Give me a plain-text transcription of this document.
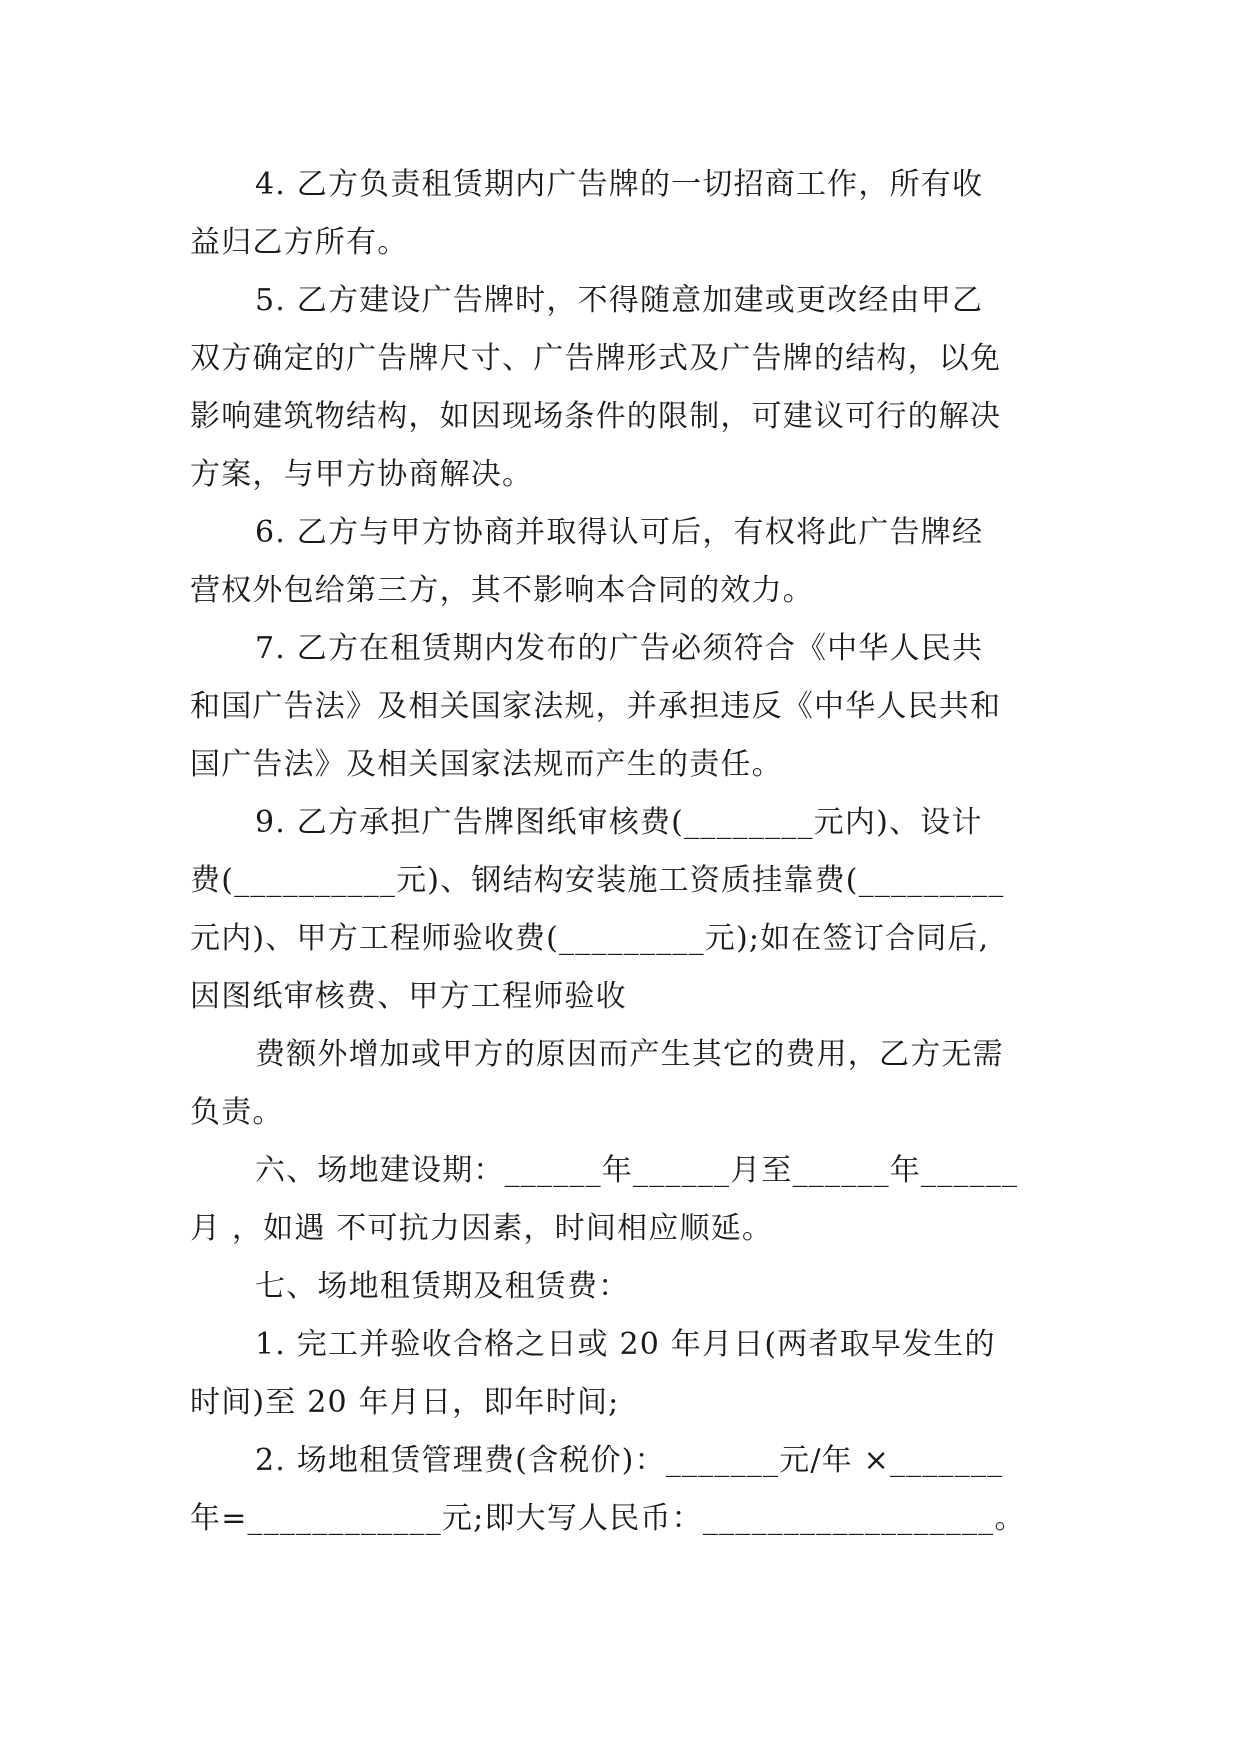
4. 乙方负责租赁期内广告牌的一切招商工作，所有收
益归乙方所有。
5. 乙方建设广告牌时，不得随意加建或更改经由甲乙
双方确定的广告牌尺寸、广告牌形式及广告牌的结构，以免
影响建筑物结构，如因现场条件的限制，可建议可行的解决
方案，与甲方协商解决。
6. 乙方与甲方协商并取得认可后，有权将此广告牌经
营权外包给第三方，其不影响本合同的效力。
7. 乙方在租赁期内发布的广告必须符合《中华人民共
和国广告法》及相关国家法规，并承担违反《中华人民共和
国广告法》及相关国家法规而产生的责任。
9. 乙方承担广告牌图纸审核费(________元内)、设计
费(__________元)、钢结构安装施工资质挂靠费(_________
元内)、甲方工程师验收费(_________元);如在签订合同后,
因图纸审核费、甲方工程师验收
费额外增加或甲方的原因而产生其它的费用，乙方无需
负责。
六、场地建设期：______年______月至______年______
月 ，如遇 不可抗力因素，时间相应顺延。
七、场地租赁期及租赁费：
1. 完工并验收合格之日或 20 年月日(两者取早发生的
时间)至 20 年月日，即年时间;
2. 场地租赁管理费(含税价)：_______元/年 ×_______
年=____________元;即大写人民币：__________________。
